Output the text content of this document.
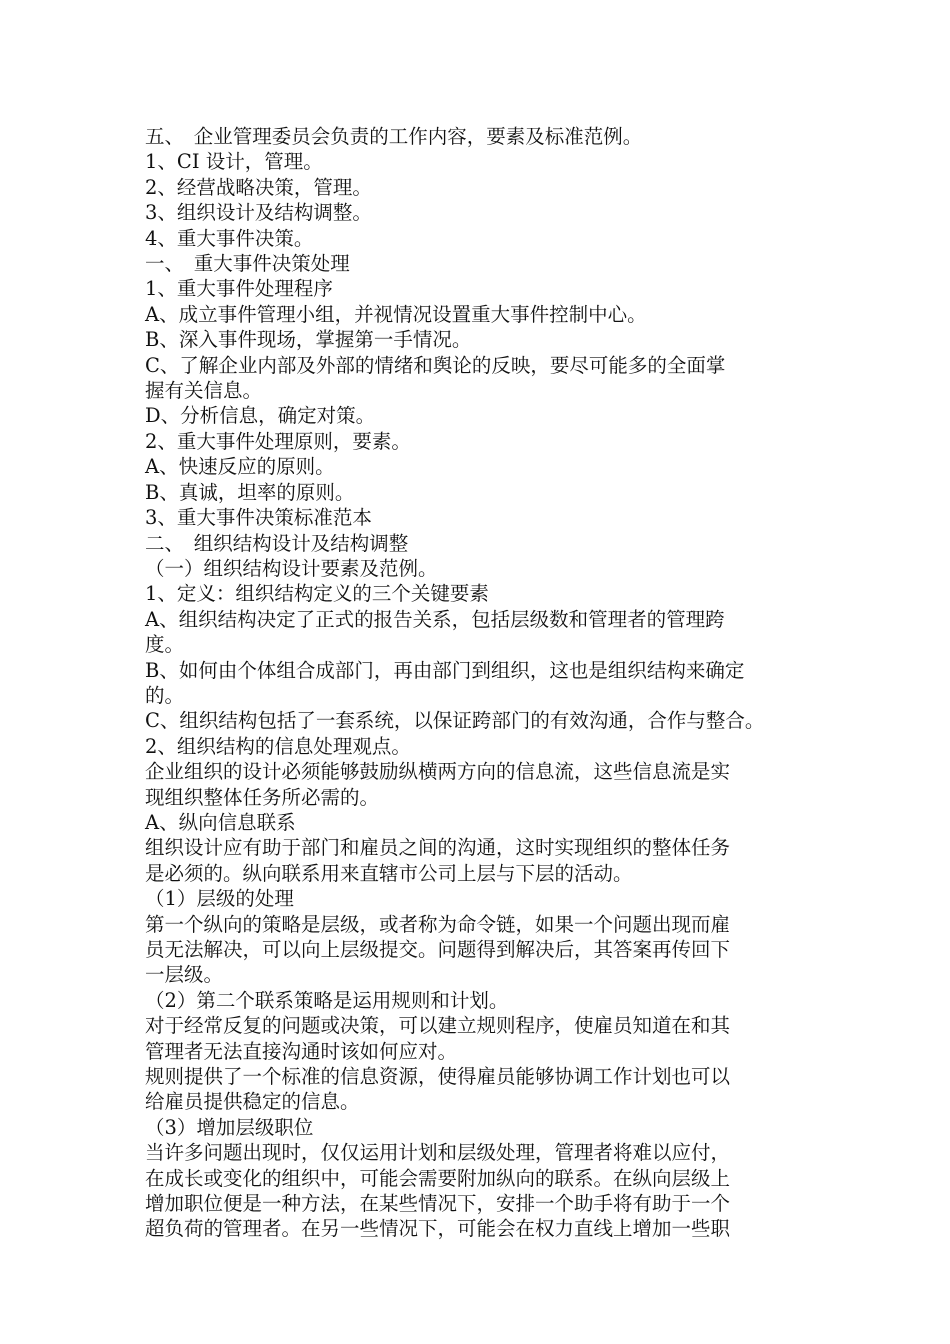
五、　企业管理委员会负责的工作内容，要素及标准范例。

1、CI 设计，管理。

2、经营战略决策，管理。

3、组织设计及结构调整。

4、重大事件决策。

一、　重大事件决策处理

1、重大事件处理程序

A、成立事件管理小组，并视情况设置重大事件控制中心。

B、深入事件现场，掌握第一手情况。

C、了解企业内部及外部的情绪和舆论的反映，要尽可能多的全面掌

握有关信息。

D、分析信息，确定对策。

2、重大事件处理原则，要素。

A、快速反应的原则。

B、真诚，坦率的原则。

3、重大事件决策标准范本

二、　组织结构设计及结构调整

（一）组织结构设计要素及范例。

1、定义：组织结构定义的三个关键要素

A、组织结构决定了正式的报告关系，包括层级数和管理者的管理跨

度。

B、如何由个体组合成部门，再由部门到组织，这也是组织结构来确定

的。

C、组织结构包括了一套系统，以保证跨部门的有效沟通，合作与整合。

2、组织结构的信息处理观点。

企业组织的设计必须能够鼓励纵横两方向的信息流，这些信息流是实

现组织整体任务所必需的。

A、纵向信息联系

组织设计应有助于部门和雇员之间的沟通，这时实现组织的整体任务

是必须的。纵向联系用来直辖市公司上层与下层的活动。

（1）层级的处理

第一个纵向的策略是层级，或者称为命令链，如果一个问题出现而雇

员无法解决，可以向上层级提交。问题得到解决后，其答案再传回下

一层级。

（2）第二个联系策略是运用规则和计划。

对于经常反复的问题或决策，可以建立规则程序，使雇员知道在和其

管理者无法直接沟通时该如何应对。

规则提供了一个标准的信息资源，使得雇员能够协调工作计划也可以

给雇员提供稳定的信息。

（3）增加层级职位

当许多问题出现时，仅仅运用计划和层级处理，管理者将难以应付，

在成长或变化的组织中，可能会需要附加纵向的联系。在纵向层级上

增加职位便是一种方法，在某些情况下，安排一个助手将有助于一个

超负荷的管理者。在另一些情况下，可能会在权力直线上增加一些职
